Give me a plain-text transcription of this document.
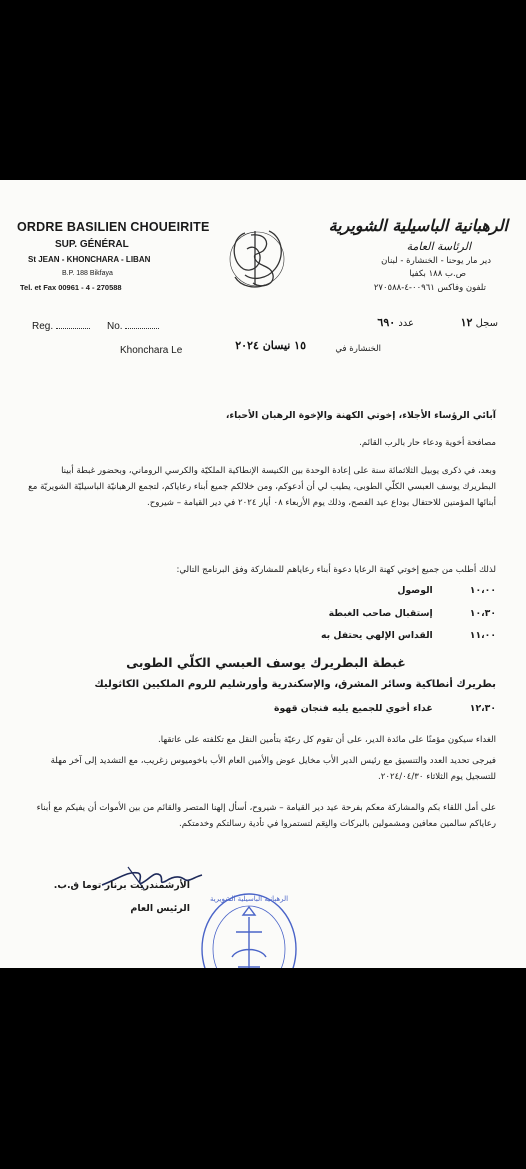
ORDRE BASILIEN CHOUEIRITE
SUP. GÉNÉRAL
St JEAN - KHONCHARA - LIBAN
B.P. 188 Bikfaya
Tel. et Fax 00961 - 4 - 270588
الرهبانية الباسيلية الشويرية
الرئاسة العامة
دير مار يوحنا - الخنشارة - لبنان
ص.ب ١٨٨ بكفيا
تلفون وفاكس ٠٠٩٦١-٤-٢٧٠٥٨٨
Reg.	No.	سجل ١٢
عدد ٦٩٠
Khonchara Le	١٥ نيسان ٢٠٢٤	الخنشارة في
آبائي الرؤساء الأجلاء، إخوتي الكهنة والإخوة الرهبان الأحباء،
مصافحة أخوية ودعاء حار بالرب القائم.
وبعد، في ذكرى يوبيل الثلاثمائة سنة على إعادة الوحدة بين الكنيسة الإنطاكية الملكيّة والكرسي الروماني، وبحضور غبطة أبينا البطريرك يوسف العبسي الكلّي الطوبى، يطيب لي أن أدعوكم، ومن خلالكم جميع أبناء رعاياكم، لتجمع الرهبانيّة الباسيليّة الشويريّة مع أبنائها المؤمنين للاحتفال بوداع عيد الفصح، وذلك يوم الأربعاء ٠٨ أيار ٢٠٢٤ في دير القيامة – شيروح.
لذلك أطلب من جميع إخوتي كهنة الرعايا دعوة أبناء رعاياهم للمشاركة وفق البرنامج التالي:
١٠،٠٠ الوصول
١٠،٣٠ إستقبال صاحب الغبطة
١١،٠٠ القداس الإلهي يحتفل به
غبطة البطريرك يوسف العبسي الكلّي الطوبى
بطريرك أنطاكية وسائر المشرق، والإسكندرية وأورشليم للروم الملكيين الكاثوليك
١٢،٣٠ غداء أخوي للجميع يليه فنجان قهوة
الغداء سيكون مؤمنًا على مائدة الدير، على أن تقوم كل رعيّة بتأمين النقل مع تكلفته على عاتقها.
فيرجى تحديد العدد والتنسيق مع رئيس الدير الأب مخايل عوض والأمين العام الأب باخوميوس زغريب، مع التشديد إلى آخر مهلة للتسجيل يوم الثلاثاء ٢٠٢٤/٠٤/٣٠.
على أمل اللقاء بكم والمشاركة معكم بفرحة عيد دير القيامة – شيروح، أسأل إلهنا المتصر والقائم من بين الأموات أن يفيكم مع أبناء رعاياكم سالمين معافين ومشمولين بالبركات والنِعَم لتستمروا في تأدية رسالتكم وخدمتكم.
الرهبانية الباسيلية الشويرية
الرئيس العام
الأرشمندريت برنار توما ق.ب.
الرئيس العام
